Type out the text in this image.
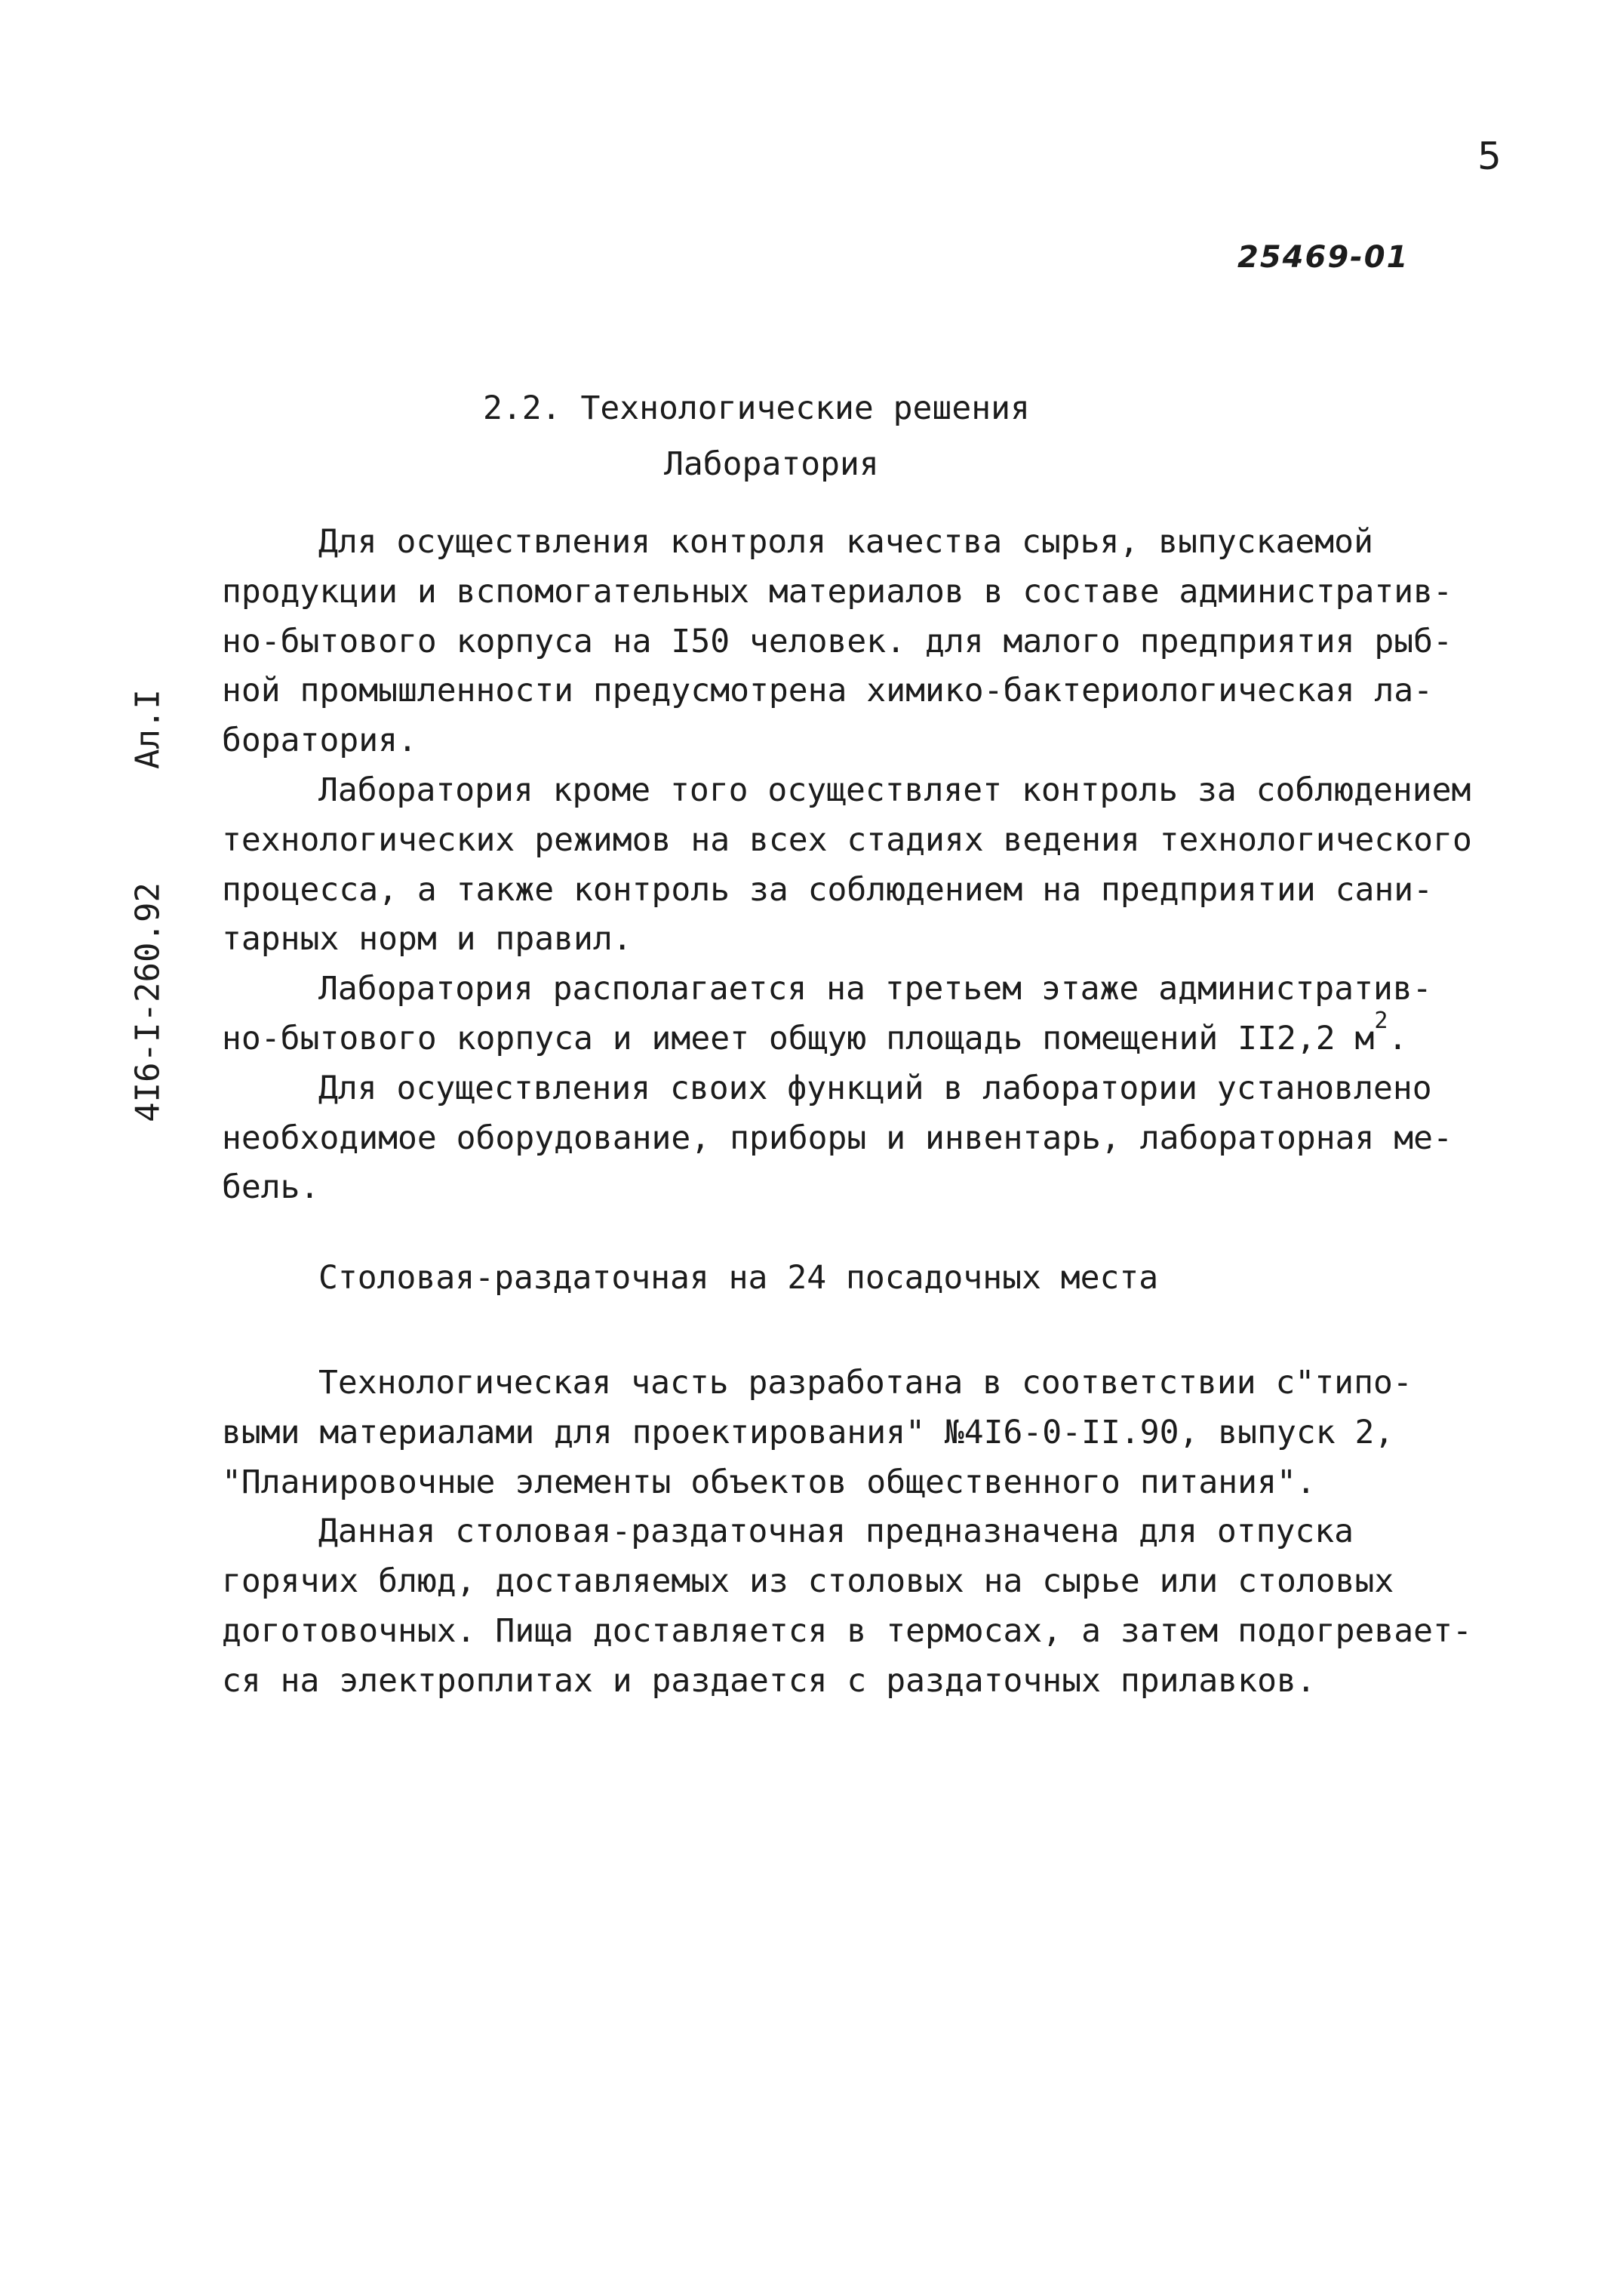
5
25469-01
4I6-I-260.92Ал.I
2.2. Технологические решения
Лаборатория
Для осуществления контроля качества сырья, выпускаемой
продукции и вспомогательных материалов в составе административ-
но-бытового корпуса на I50 человек. для малого предприятия рыб-
ной промышленности предусмотрена химико-бактериологическая ла-
боратория.
Лаборатория кроме того осуществляет контроль за соблюдением
технологических режимов на всех стадиях ведения технологического
процесса, а также контроль за соблюдением на предприятии сани-
тарных норм и правил.
Лаборатория располагается на третьем этаже административ-
но-бытового корпуса и имеет общую площадь помещений II2,2 $м^2$.
Для осуществления своих функций в лаборатории установлено
необходимое оборудование, приборы и инвентарь, лабораторная ме-
бель.
Столовая-раздаточная на 24 посадочных места
Технологическая часть разработана в соответствии с"типо-
выми материалами для проектирования" №4I6-0-II.90, выпуск 2,
"Планировочные элементы объектов общественного питания".
Данная столовая-раздаточная предназначена для отпуска
горячих блюд, доставляемых из столовых на сырье или столовых
доготовочных. Пища доставляется в термосах, а затем подогревает-
ся на электроплитах и раздается с раздаточных прилавков.
